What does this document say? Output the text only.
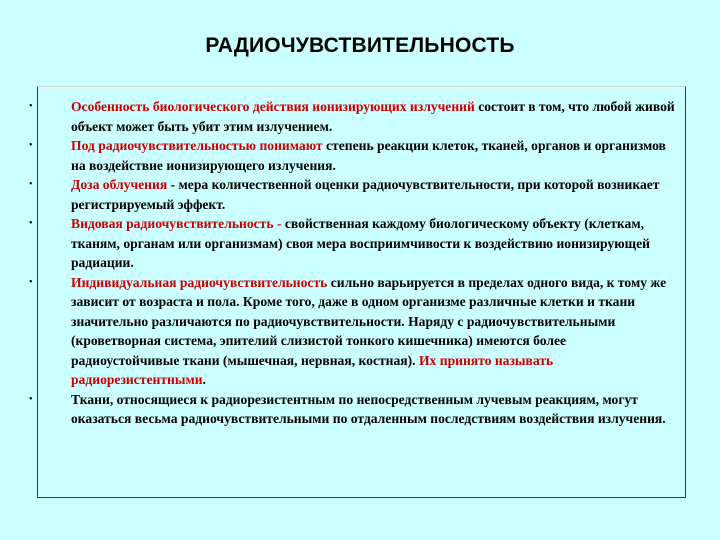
РАДИОЧУВСТВИТЕЛЬНОСТЬ
•	Особенность биологического действия ионизирующих излучений состоит в том, что любой живой объект может быть убит этим излучением.
•	Под радиочувствительностью понимают степень реакции клеток, тканей, органов и организмов на воздействие ионизирующего излучения.
•	Доза облучения - мера количественной оценки радиочувствительности, при которой возникает регистрируемый эффект.
•	Видовая радиочувствительность - свойственная каждому биологическому объекту (клеткам, тканям, органам или организмам) своя мера восприимчивости к воздействию ионизирующей радиации.
•	Индивидуальная радиочувствительность сильно варьируется в пределах одного вида, к тому же зависит от возраста и пола. Кроме того, даже в одном организме различные клетки и ткани значительно различаются по радиочувствительности. Наряду с радиочувствительными (кроветворная система, эпителий слизистой тонкого кишечника) имеются более радиоустойчивые ткани (мышечная, нервная, костная). Их принято называть радиорезистентными.
•	Ткани, относящиеся к радиорезистентным по непосредственным лучевым реакциям, могут оказаться весьма радиочувствительными по отдаленным последствиям воздействия излучения.
